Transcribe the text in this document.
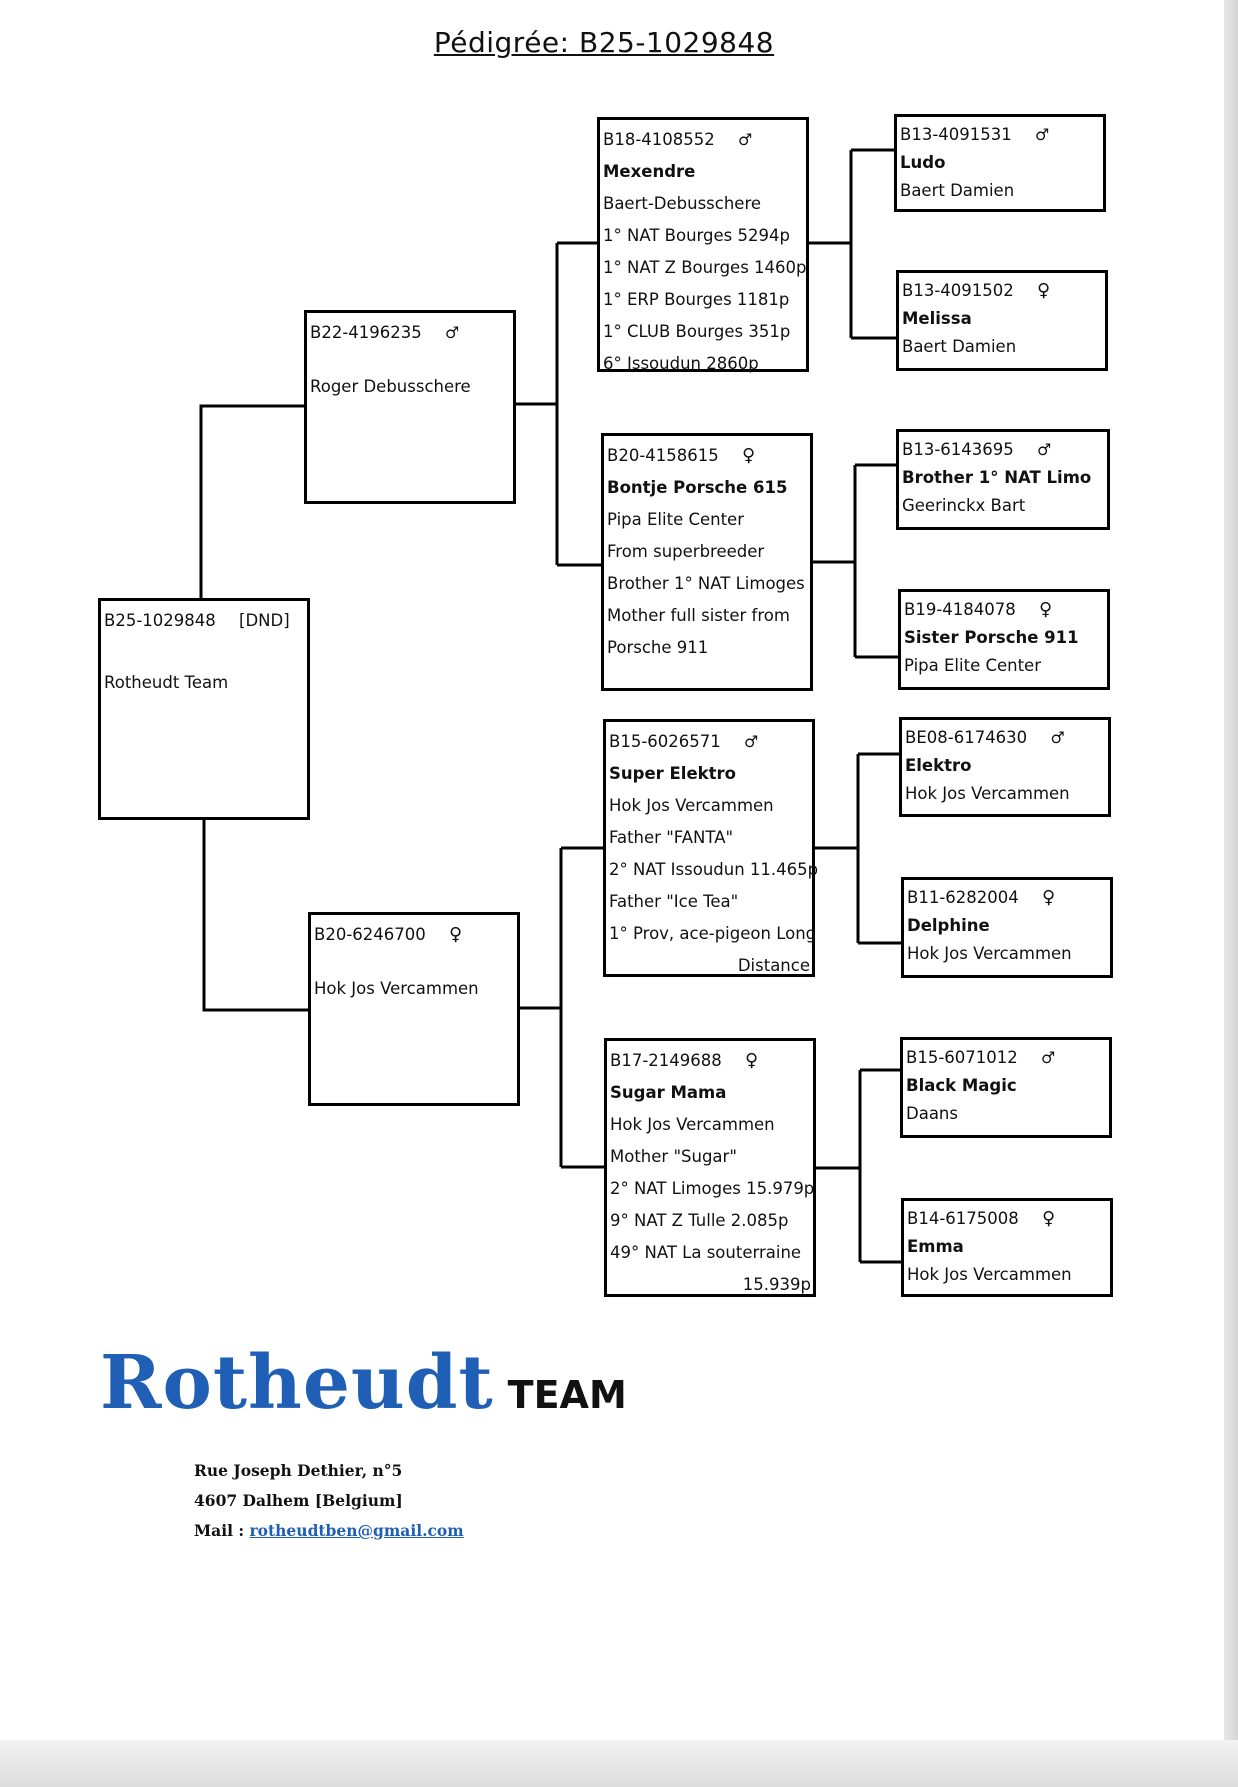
Pédigrée: B25-1029848
B25-1029848 [DND]
Rotheudt Team
B22-4196235 ♂
Roger Debusschere
B20-6246700 ♀
Hok Jos Vercammen
B18-4108552 ♂
Mexendre
Baert-Debusschere
1° NAT Bourges 5294p
1° NAT Z Bourges 1460p
1° ERP Bourges 1181p
1° CLUB Bourges 351p
6° Issoudun 2860p
B20-4158615 ♀
Bontje Porsche 615
Pipa Elite Center
From superbreeder
Brother 1° NAT Limoges
Mother full sister from
Porsche 911
B15-6026571 ♂
Super Elektro
Hok Jos Vercammen
Father "FANTA"
2° NAT Issoudun 11.465p
Father "Ice Tea"
1° Prov, ace-pigeon Long
Distance
B17-2149688 ♀
Sugar Mama
Hok Jos Vercammen
Mother "Sugar"
2° NAT Limoges 15.979p
9° NAT Z Tulle 2.085p
49° NAT La souterraine
15.939p
B13-4091531 ♂
Ludo
Baert Damien
B13-4091502 ♀
Melissa
Baert Damien
B13-6143695 ♂
Brother 1° NAT Limo
Geerinckx Bart
B19-4184078 ♀
Sister Porsche 911
Pipa Elite Center
BE08-6174630 ♂
Elektro
Hok Jos Vercammen
B11-6282004 ♀
Delphine
Hok Jos Vercammen
B15-6071012 ♂
Black Magic
Daans
B14-6175008 ♀
Emma
Hok Jos Vercammen
Rotheudt TEAM
Rue Joseph Dethier, n°5
4607 Dalhem [Belgium]
Mail : rotheudtben@gmail.com
